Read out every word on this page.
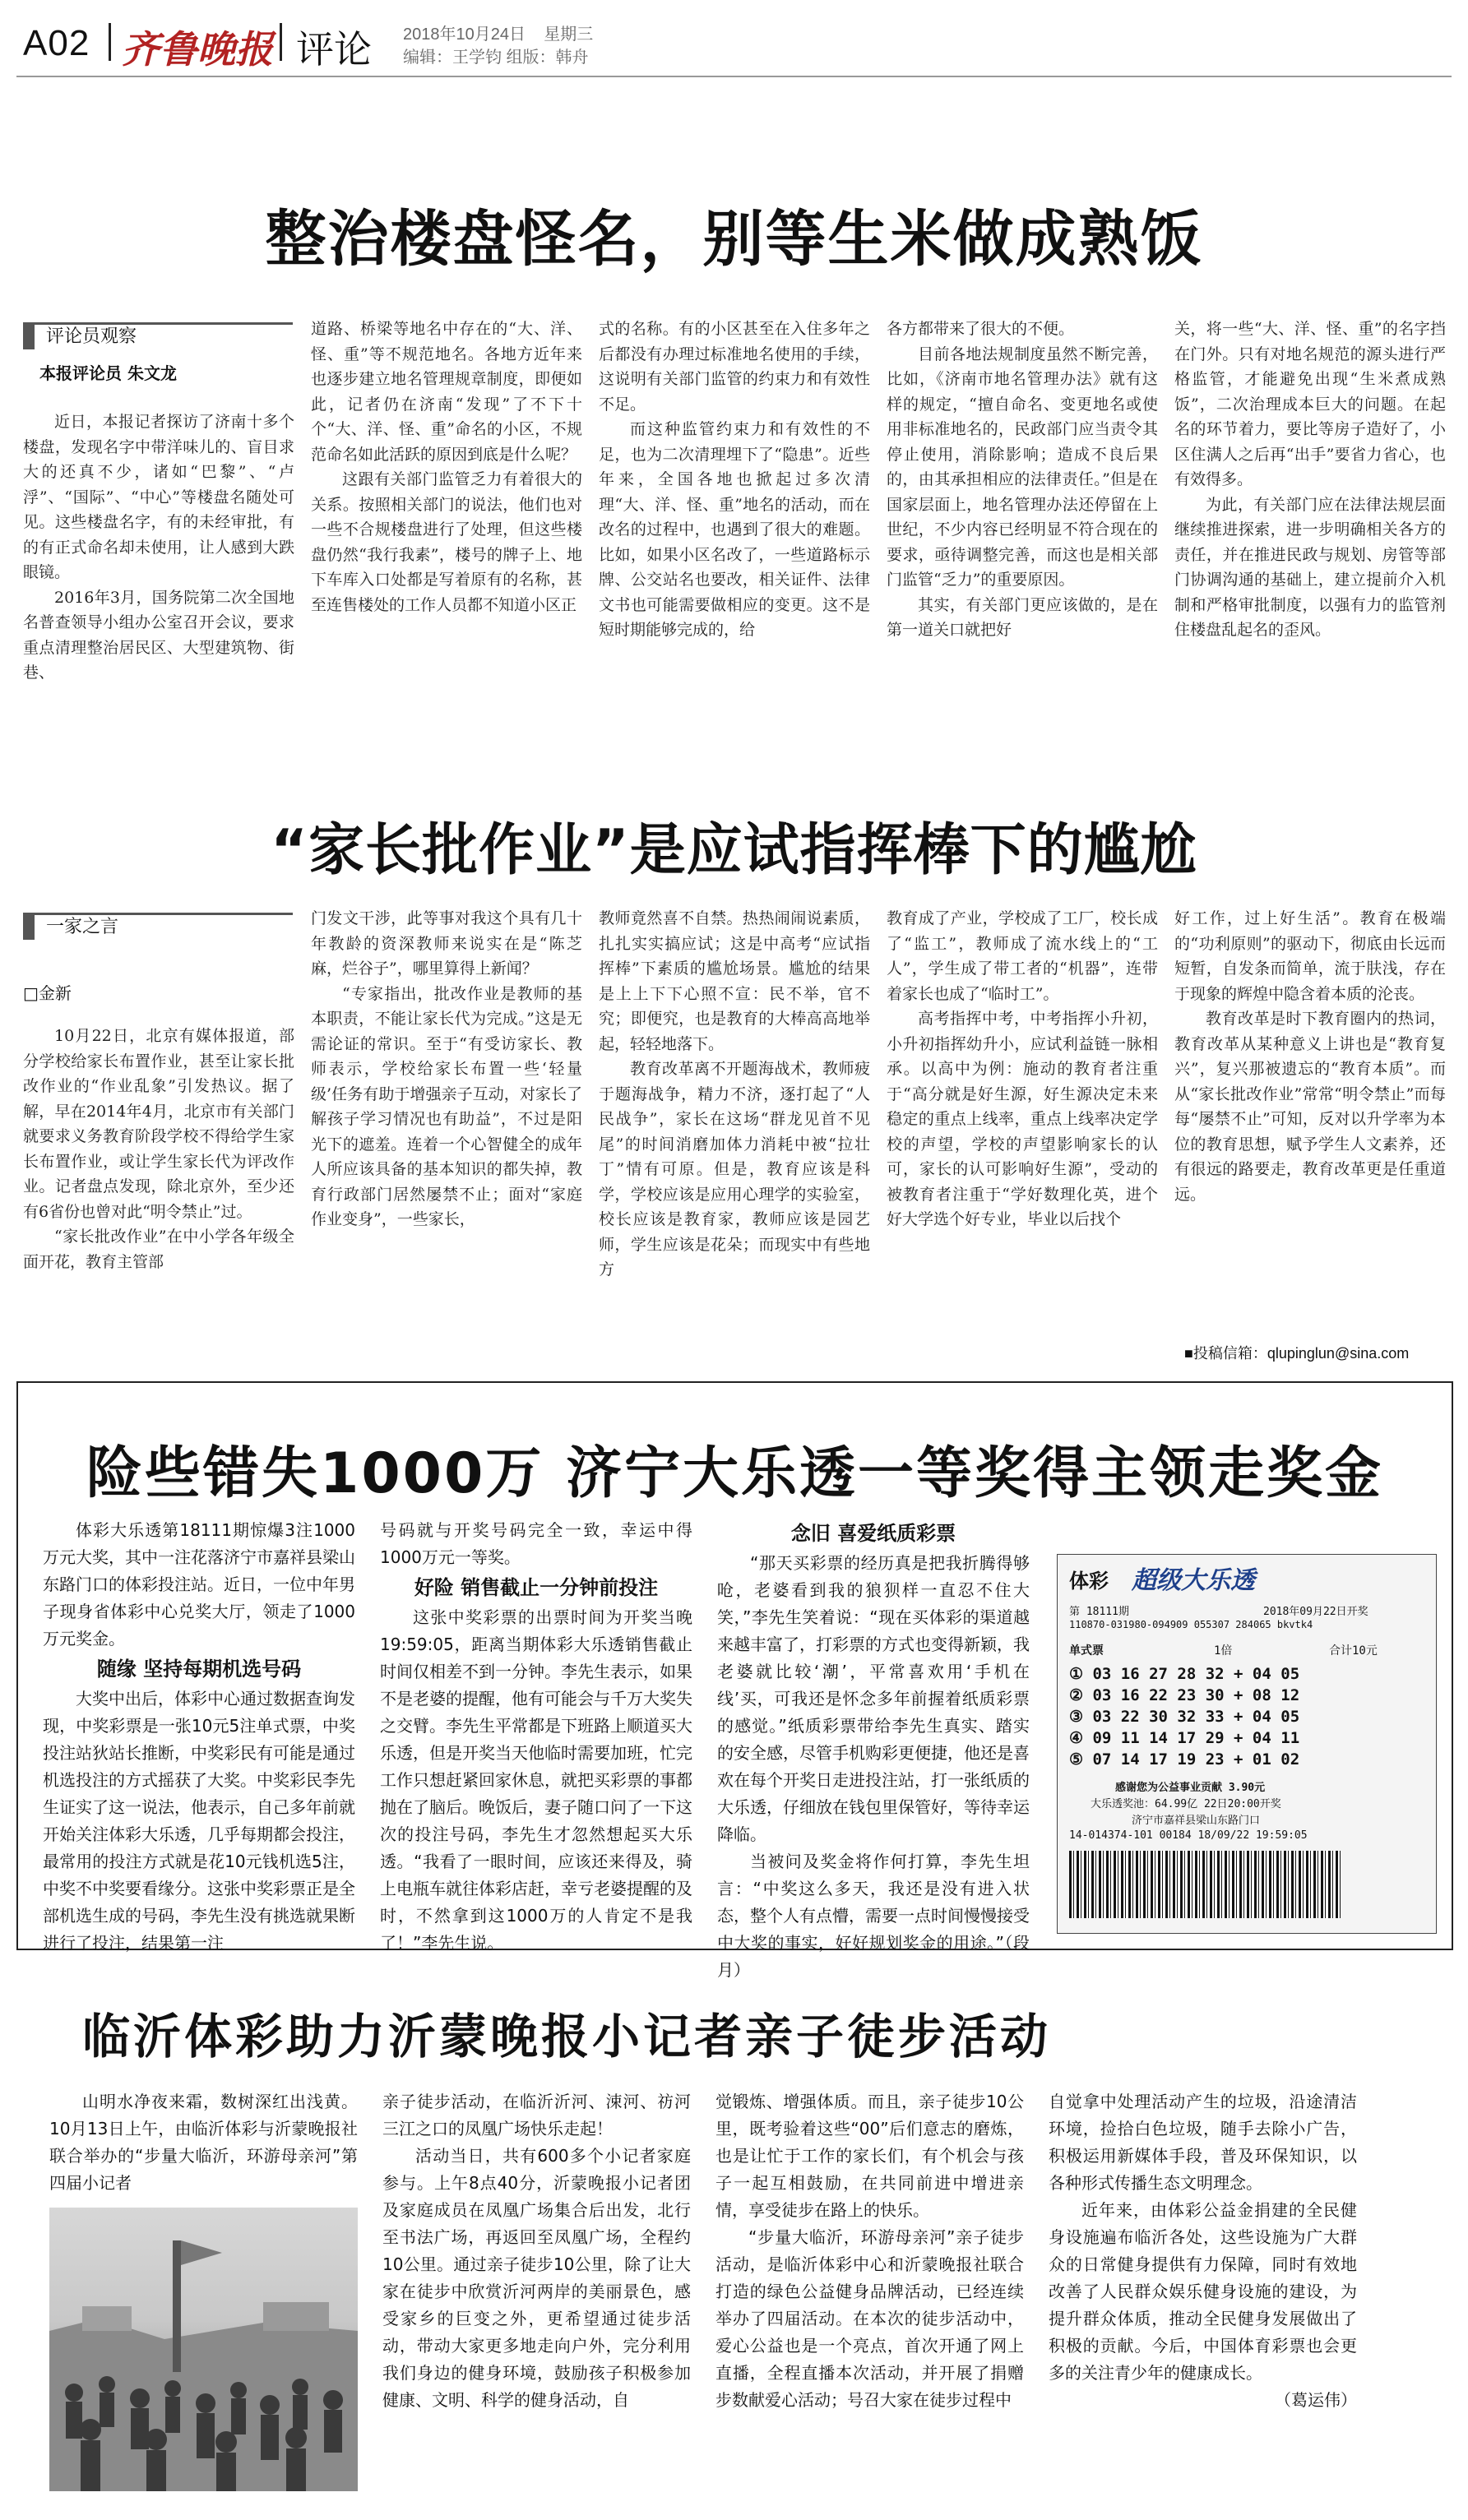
A02 齐鲁晚报 评论 2018年10月24日 星期三
编辑：王学钧 组版：韩舟
整治楼盘怪名，别等生米做成熟饭
评论员观察
本报评论员 朱文龙

近日，本报记者探访了济南十多个楼盘，发现名字中带洋味儿的、盲目求大的还真不少，诸如“巴黎”、“卢浮”、“国际”、“中心”等楼盘名随处可见。这些楼盘名字，有的未经审批，有的有正式命名却未使用，让人感到大跌眼镜。

2016年3月，国务院第二次全国地名普查领导小组办公室召开会议，要求重点清理整治居民区、大型建筑物、街巷、

道路、桥梁等地名中存在的“大、洋、怪、重”等不规范地名。各地方近年来也逐步建立地名管理规章制度，即便如此，记者仍在济南“发现”了不下十个“大、洋、怪、重”命名的小区，不规范命名如此活跃的原因到底是什么呢？

这跟有关部门监管乏力有着很大的关系。按照相关部门的说法，他们也对一些不合规楼盘进行了处理，但这些楼盘仍然“我行我素”，楼号的牌子上、地下车库入口处都是写着原有的名称，甚至连售楼处的工作人员都不知道小区正

式的名称。有的小区甚至在入住多年之后都没有办理过标准地名使用的手续，这说明有关部门监管的约束力和有效性不足。

而这种监管约束力和有效性的不足，也为二次清理埋下了“隐患”。近些年来，全国各地也掀起过多次清理“大、洋、怪、重”地名的活动，而在改名的过程中，也遇到了很大的难题。比如，如果小区名改了，一些道路标示牌、公交站名也要改，相关证件、法律文书也可能需要做相应的变更。这不是短时期能够完成的，给

各方都带来了很大的不便。

目前各地法规制度虽然不断完善，比如，《济南市地名管理办法》就有这样的规定，“擅自命名、变更地名或使用非标准地名的，民政部门应当责令其停止使用，消除影响；造成不良后果的，由其承担相应的法律责任。”但是在国家层面上，地名管理办法还停留在上世纪，不少内容已经明显不符合现在的要求，亟待调整完善，而这也是相关部门监管“乏力”的重要原因。

其实，有关部门更应该做的，是在第一道关口就把好

关，将一些“大、洋、怪、重”的名字挡在门外。只有对地名规范的源头进行严格监管，才能避免出现“生米煮成熟饭”，二次治理成本巨大的问题。在起名的环节着力，要比等房子造好了，小区住满人之后再“出手”要省力省心，也有效得多。

为此，有关部门应在法律法规层面继续推进探索，进一步明确相关各方的责任，并在推进民政与规划、房管等部门协调沟通的基础上，建立提前介入机制和严格审批制度，以强有力的监管剂住楼盘乱起名的歪风。

“家长批作业”是应试指挥棒下的尴尬
一家之言
□金新

10月22日，北京有媒体报道，部分学校给家长布置作业，甚至让家长批改作业的“作业乱象”引发热议。据了解，早在2014年4月，北京市有关部门就要求义务教育阶段学校不得给学生家长布置作业，或让学生家长代为评改作业。记者盘点发现，除北京外，至少还有6省份也曾对此“明令禁止”过。

“家长批改作业”在中小学各年级全面开花，教育主管部

门发文干涉，此等事对我这个具有几十年教龄的资深教师来说实在是“陈芝麻，烂谷子”，哪里算得上新闻？

“专家指出，批改作业是教师的基本职责，不能让家长代为完成。”这是无需论证的常识。至于“有受访家长、教师表示，学校给家长布置一些‘轻量级’任务有助于增强亲子互动，对家长了解孩子学习情况也有助益”，不过是阳光下的遮羞。连着一个心智健全的成年人所应该具备的基本知识的都失掉，教育行政部门居然屡禁不止；面对“家庭作业变身”，一些家长，

教师竟然喜不自禁。热热闹闹说素质，扎扎实实搞应试；这是中高考“应试指挥棒”下素质的尴尬场景。尴尬的结果是上上下下心照不宣：民不举，官不究；即便究，也是教育的大棒高高地举起，轻轻地落下。

教育改革离不开题海战术，教师疲于题海战争，精力不济，逐打起了“人民战争”，家长在这场“群龙见首不见尾”的时间消磨加体力消耗中被“拉壮丁”情有可原。但是，教育应该是科学，学校应该是应用心理学的实验室，校长应该是教育家，教师应该是园艺师，学生应该是花朵；而现实中有些地方

教育成了产业，学校成了工厂，校长成了“监工”，教师成了流水线上的“工人”，学生成了带工者的“机器”，连带着家长也成了“临时工”。

高考指挥中考，中考指挥小升初，小升初指挥幼升小，应试利益链一脉相承。以高中为例：施动的教育者注重于“高分就是好生源，好生源决定未来稳定的重点上线率，重点上线率决定学校的声望，学校的声望影响家长的认可，家长的认可影响好生源”，受动的被教育者注重于“学好数理化英，进个好大学选个好专业，毕业以后找个

好工作，过上好生活”。教育在极端的“功利原则”的驱动下，彻底由长远而短暂，自发条而简单，流于肤浅，存在于现象的辉煌中隐含着本质的沦丧。

教育改革是时下教育圈内的热词，教育改革从某种意义上讲也是“教育复兴”，复兴那被遗忘的“教育本质”。而从“家长批改作业”常常“明令禁止”而每每“屡禁不止”可知，反对以升学率为本位的教育思想，赋予学生人文素养，还有很远的路要走，教育改革更是任重道远。

■投稿信箱：qlupinglun@sina.com
险些错失1000万 济宁大乐透一等奖得主领走奖金

体彩大乐透第18111期惊爆3注1000万元大奖，其中一注花落济宁市嘉祥县梁山东路门口的体彩投注站。近日，一位中年男子现身省体彩中心兑奖大厅，领走了1000万元奖金。

随缘 坚持每期机选号码

大奖中出后，体彩中心通过数据查询发现，中奖彩票是一张10元5注单式票，中奖投注站狄站长推断，中奖彩民有可能是通过机选投注的方式摇获了大奖。中奖彩民李先生证实了这一说法，他表示，自己多年前就开始关注体彩大乐透，几乎每期都会投注，最常用的投注方式就是花10元钱机选5注，中奖不中奖要看缘分。这张中奖彩票正是全部机选生成的号码，李先生没有挑选就果断进行了投注，结果第一注

号码就与开奖号码完全一致，幸运中得1000万元一等奖。

好险 销售截止一分钟前投注

这张中奖彩票的出票时间为开奖当晚19:59:05，距离当期体彩大乐透销售截止时间仅相差不到一分钟。李先生表示，如果不是老婆的提醒，他有可能会与千万大奖失之交臂。李先生平常都是下班路上顺道买大乐透，但是开奖当天他临时需要加班，忙完工作只想赶紧回家休息，就把买彩票的事都抛在了脑后。晚饭后，妻子随口问了一下这次的投注号码，李先生才忽然想起买大乐透。“我看了一眼时间，应该还来得及，骑上电瓶车就往体彩店赶，幸亏老婆提醒的及时，不然拿到这1000万的人肯定不是我了！”李先生说。

念旧 喜爱纸质彩票

“那天买彩票的经历真是把我折腾得够呛，老婆看到我的狼狈样一直忍不住大笑，”李先生笑着说：“现在买体彩的渠道越来越丰富了，打彩票的方式也变得新颖，我老婆就比较‘潮’，平常喜欢用‘手机在线’买，可我还是怀念多年前握着纸质彩票的感觉。”纸质彩票带给李先生真实、踏实的安全感，尽管手机购彩更便捷，他还是喜欢在每个开奖日走进投注站，打一张纸质的大乐透，仔细放在钱包里保管好，等待幸运降临。

当被问及奖金将作何打算，李先生坦言：“中奖这么多天，我还是没有进入状态，整个人有点懵，需要一点时间慢慢接受中大奖的事实，好好规划奖金的用途。”（段月）

体彩 超级大乐透
第 18111期	2018年09月22日开奖
110870-031980-094909 055307 284065 bkvtk4
单式票	1倍	合计10元
① 03 16 27 28 32 + 04 05
② 03 16 22 23 30 + 08 12
③ 03 22 30 32 33 + 04 05
④ 09 11 14 17 29 + 04 11
⑤ 07 14 17 19 23 + 01 02
感谢您为公益事业贡献 3.90元
大乐透奖池：64.99亿 22日20:00开奖
济宁市嘉祥县梁山东路门口
14-014374-101 00184 18/09/22 19:59:05
临沂体彩助力沂蒙晚报小记者亲子徒步活动

山明水净夜来霜，数树深红出浅黄。10月13日上午，由临沂体彩与沂蒙晚报社联合举办的“步量大临沂，环游母亲河”第四届小记者

亲子徒步活动，在临沂沂河、涑河、祊河三江之口的凤凰广场快乐走起！

活动当日，共有600多个小记者家庭参与。上午8点40分，沂蒙晚报小记者团及家庭成员在凤凰广场集合后出发，北行至书法广场，再返回至凤凰广场，全程约10公里。通过亲子徒步10公里，除了让大家在徒步中欣赏沂河两岸的美丽景色，感受家乡的巨变之外，更希望通过徒步活动，带动大家更多地走向户外，完分利用我们身边的健身环境，鼓励孩子积极参加健康、文明、科学的健身活动，自

觉锻炼、增强体质。而且，亲子徒步10公里，既考验着这些“00”后们意志的磨炼，也是让忙于工作的家长们，有个机会与孩子一起互相鼓励，在共同前进中增进亲情，享受徒步在路上的快乐。

“步量大临沂，环游母亲河”亲子徒步活动，是临沂体彩中心和沂蒙晚报社联合打造的绿色公益健身品牌活动，已经连续举办了四届活动。在本次的徒步活动中，爱心公益也是一个亮点，首次开通了网上直播，全程直播本次活动，并开展了捐赠步数献爱心活动；号召大家在徒步过程中

自觉拿中处理活动产生的垃圾，沿途清洁环境，捡拾白色垃圾，随手去除小广告，积极运用新媒体手段，普及环保知识，以各种形式传播生态文明理念。

近年来，由体彩公益金捐建的全民健身设施遍布临沂各处，这些设施为广大群众的日常健身提供有力保障，同时有效地改善了人民群众娱乐健身设施的建设，为提升群众体质，推动全民健身发展做出了积极的贡献。今后，中国体育彩票也会更多的关注青少年的健康成长。

（葛运伟）
